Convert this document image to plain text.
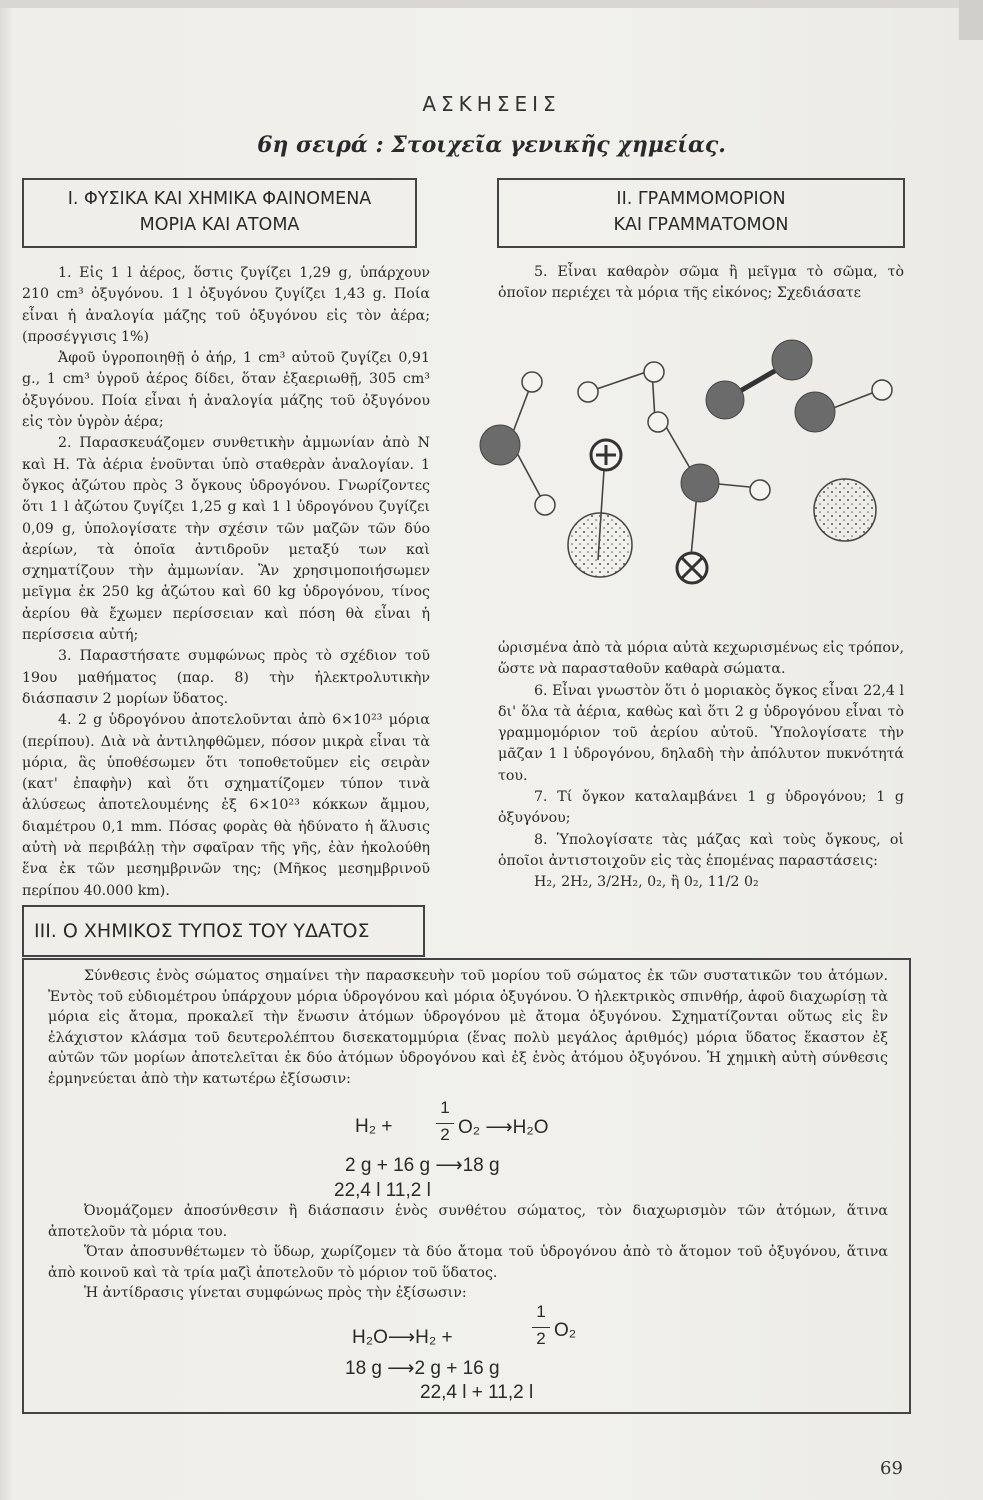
ΑΣΚΗΣΕΙΣ
6η σειρά : Στοιχεῖα γενικῆς χημείας.
Ι. ΦΥΣΙΚΑ ΚΑΙ ΧΗΜΙΚΑ ΦΑΙΝΟΜΕΝΑ
ΜΟΡΙΑ ΚΑΙ ΑΤΟΜΑ
ΙΙ. ΓΡΑΜΜΟΜΟΡΙΟΝ
ΚΑΙ ΓΡΑΜΜΑΤΟΜΟΝ

1. Εἰς 1 l ἀέρος, ὅστις ζυγίζει 1,29 g, ὑπάρχουν 210 cm³ ὀξυγόνου. 1 l ὀξυγόνου ζυγίζει 1,43 g. Ποία εἶναι ἡ ἀναλογία μάζης τοῦ ὀξυγόνου εἰς τὸν ἀέρα; (προσέγγισις 1%)

Ἀφοῦ ὑγροποιηθῇ ὁ ἀήρ, 1 cm³ αὐτοῦ ζυγίζει 0,91 g., 1 cm³ ὑγροῦ ἀέρος δίδει, ὅταν ἐξαεριωθῇ, 305 cm³ ὀξυγόνου. Ποία εἶναι ἡ ἀναλογία μάζης τοῦ ὀξυγόνου εἰς τὸν ὑγρὸν ἀέρα;

2. Παρασκευάζομεν συνθετικὴν ἀμμωνίαν ἀπὸ N καὶ H. Τὰ ἀέρια ἑνοῦνται ὑπὸ σταθερὰν ἀναλογίαν. 1 ὄγκος ἀζώτου πρὸς 3 ὄγκους ὑδρογόνου. Γνωρίζοντες ὅτι 1 l ἀζώτου ζυγίζει 1,25 g καὶ 1 l ὑδρογόνου ζυγίζει 0,09 g, ὑπολογίσατε τὴν σχέσιν τῶν μαζῶν τῶν δύο ἀερίων, τὰ ὁποῖα ἀντιδροῦν μεταξύ των καὶ σχηματίζουν τὴν ἀμμωνίαν. Ἂν χρησιμοποιήσωμεν μεῖγμα ἐκ 250 kg ἀζώτου καὶ 60 kg ὑδρογόνου, τίνος ἀερίου θὰ ἔχωμεν περίσσειαν καὶ πόση θὰ εἶναι ἡ περίσσεια αὐτή;

3. Παραστήσατε συμφώνως πρὸς τὸ σχέδιον τοῦ 19ου μαθήματος (παρ. 8) τὴν ἠλεκτρολυτικὴν διάσπασιν 2 μορίων ὕδατος.

4. 2 g ὑδρογόνου ἀποτελοῦνται ἀπὸ 6×10²³ μόρια (περίπου). Διὰ νὰ ἀντιληφθῶμεν, πόσον μικρὰ εἶναι τὰ μόρια, ἃς ὑποθέσωμεν ὅτι τοποθετοῦμεν εἰς σειρὰν (κατ' ἐπαφὴν) καὶ ὅτι σχηματίζομεν τύπον τινὰ ἁλύσεως ἀποτελουμένης ἐξ 6×10²³ κόκκων ἄμμου, διαμέτρου 0,1 mm. Πόσας φορὰς θὰ ἠδύνατο ἡ ἅλυσις αὐτὴ νὰ περιβάλῃ τὴν σφαῖραν τῆς γῆς, ἐὰν ἠκολούθη ἕνα ἐκ τῶν μεσημβρινῶν της; (Μῆκος μεσημβρινοῦ περίπου 40.000 km).

5. Εἶναι καθαρὸν σῶμα ἢ μεῖγμα τὸ σῶμα, τὸ ὁποῖον περιέχει τὰ μόρια τῆς εἰκόνος; Σχεδιάσατε

ὡρισμένα ἀπὸ τὰ μόρια αὐτὰ κεχωρισμένως εἰς τρόπον, ὥστε νὰ παρασταθοῦν καθαρὰ σώματα.

6. Εἶναι γνωστὸν ὅτι ὁ μοριακὸς ὄγκος εἶναι 22,4 l δι' ὅλα τὰ ἀέρια, καθὼς καὶ ὅτι 2 g ὑδρογόνου εἶναι τὸ γραμμομόριον τοῦ ἀερίου αὐτοῦ. Ὑπολογίσατε τὴν μᾶζαν 1 l ὑδρογόνου, δηλαδὴ τὴν ἀπόλυτον πυκνότητά του.

7. Τί ὄγκον καταλαμβάνει 1 g ὑδρογόνου; 1 g ὀξυγόνου;

8. Ὑπολογίσατε τὰς μάζας καὶ τοὺς ὄγκους, οἱ ὁποῖοι ἀντιστοιχοῦν εἰς τὰς ἑπομένας παραστάσεις:

H₂, 2H₂, 3/2H₂, 0₂, ἢ 0₂, 11/2 0₂

ΙΙΙ. Ο ΧΗΜΙΚΟΣ ΤΥΠΟΣ ΤΟΥ ΥΔΑΤΟΣ

Σύνθεσις ἑνὸς σώματος σημαίνει τὴν παρασκευὴν τοῦ μορίου τοῦ σώματος ἐκ τῶν συστατικῶν του ἀτόμων. Ἐντὸς τοῦ εὐδιομέτρου ὑπάρχουν μόρια ὑδρογόνου καὶ μόρια ὀξυγόνου. Ὁ ἠλεκτρικὸς σπινθήρ, ἀφοῦ διαχωρίσῃ τὰ μόρια εἰς ἄτομα, προκαλεῖ τὴν ἕνωσιν ἀτόμων ὑδρογόνου μὲ ἄτομα ὀξυγόνου. Σχηματίζονται οὕτως εἰς ἓν ἐλάχιστον κλάσμα τοῦ δευτερολέπτου δισεκατομμύρια (ἕνας πολὺ μεγάλος ἀριθμός) μόρια ὕδατος ἕκαστον ἐξ αὐτῶν τῶν μορίων ἀποτελεῖται ἐκ δύο ἀτόμων ὑδρογόνου καὶ ἐξ ἑνὸς ἀτόμου ὀξυγόνου. Ἡ χημικὴ αὐτὴ σύνθεσις ἑρμηνεύεται ἀπὸ τὴν κατωτέρω ἐξίσωσιν:

H₂ +
1
2 O₂ ⟶H₂O
2 g + 16 g ⟶18 g
22,4 l 11,2 l

Ὀνομάζομεν ἀποσύνθεσιν ἢ διάσπασιν ἑνὸς συνθέτου σώματος, τὸν διαχωρισμὸν τῶν ἀτόμων, ἅτινα ἀποτελοῦν τὰ μόρια του.

Ὅταν ἀποσυνθέτωμεν τὸ ὕδωρ, χωρίζομεν τὰ δύο ἄτομα τοῦ ὑδρογόνου ἀπὸ τὸ ἄτομον τοῦ ὀξυγόνου, ἅτινα ἀπὸ κοινοῦ καὶ τὰ τρία μαζὶ ἀποτελοῦν τὸ μόριον τοῦ ὕδατος.

Ἡ ἀντίδρασις γίνεται συμφώνως πρὸς τὴν ἐξίσωσιν:

H₂O⟶H₂ +
1
2 O₂
18 g ⟶2 g + 16 g
22,4 l + 11,2 l
69
